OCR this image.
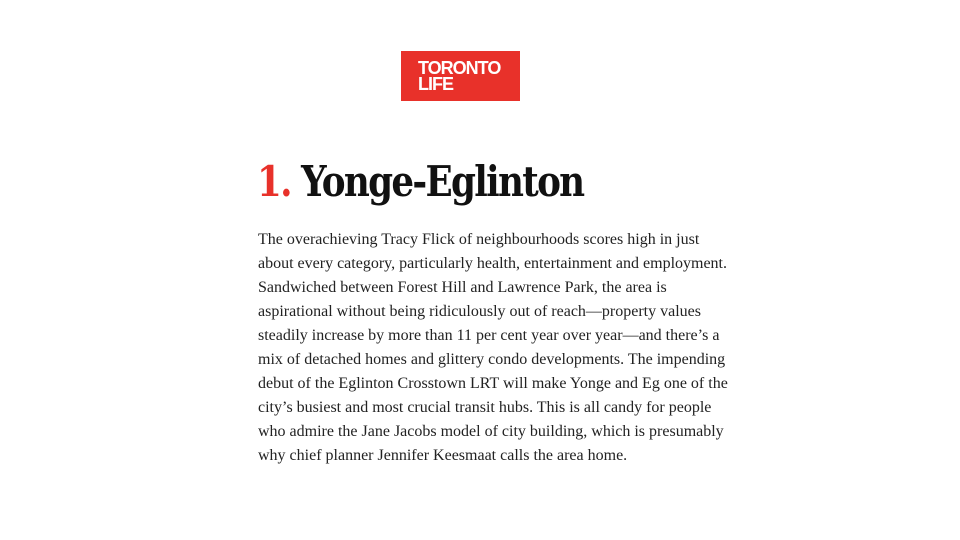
TORONTO
LIFE
1. Yonge-Eglinton

The overachieving Tracy Flick of neighbourhoods scores high in just about every category, particularly health, entertainment and employment. Sandwiched between Forest Hill and Lawrence Park, the area is aspirational without being ridiculously out of reach—property values steadily increase by more than 11 per cent year over year—and there’s a mix of detached homes and glittery condo developments. The impending debut of the Eglinton Crosstown LRT will make Yonge and Eg one of the city’s busiest and most crucial transit hubs. This is all candy for people who admire the Jane Jacobs model of city building, which is presumably why chief planner Jennifer Keesmaat calls the area home.
